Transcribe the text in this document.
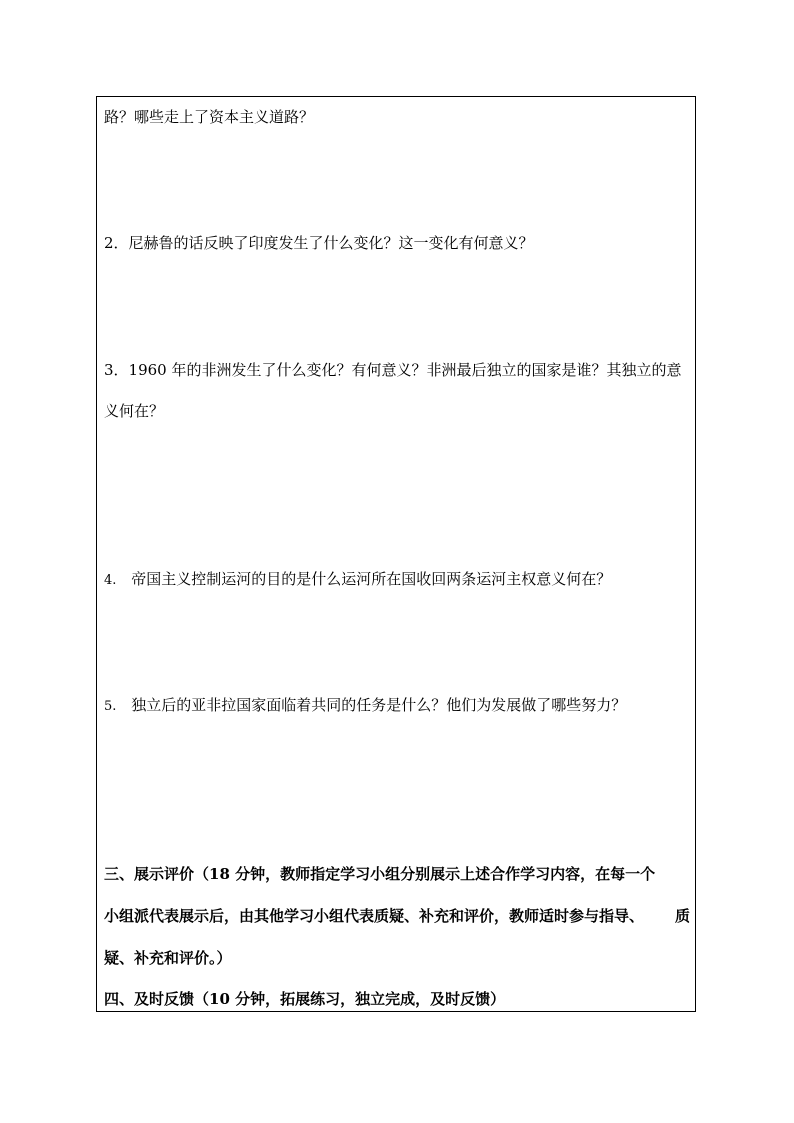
路？哪些走上了资本主义道路？
2．尼赫鲁的话反映了印度发生了什么变化？这一变化有何意义？
3．1960 年的非洲发生了什么变化？有何意义？非洲最后独立的国家是谁？其独立的意
义何在？
4. 帝国主义控制运河的目的是什么运河所在国收回两条运河主权意义何在？
5. 独立后的亚非拉国家面临着共同的任务是什么？他们为发展做了哪些努力？
三、展示评价（18 分钟，教师指定学习小组分别展示上述合作学习内容，在每一个
小组派代表展示后，由其他学习小组代表质疑、补充和评价，教师适时参与指导、 质
疑、补充和评价。）
四、及时反馈（10 分钟，拓展练习，独立完成，及时反馈）
